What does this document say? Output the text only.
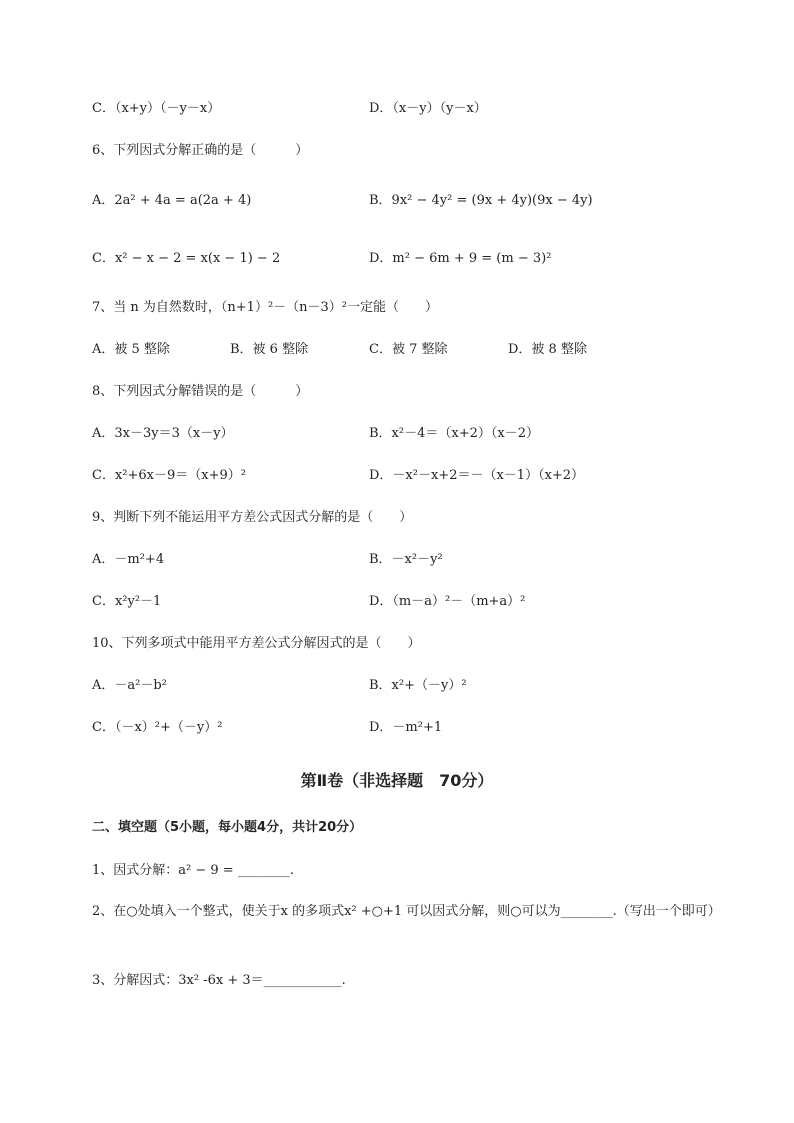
C．（x+y）（－y－x）	D．（x－y）（y－x）
6、下列因式分解正确的是（　　　）
A．2a² + 4a = a(2a + 4)	B．9x² − 4y² = (9x + 4y)(9x − 4y)
C．x² − x − 2 = x(x − 1) − 2	D．m² − 6m + 9 = (m − 3)²
7、当 n 为自然数时，（n+1）²－（n－3）²一定能（　　）
A．被 5 整除	B．被 6 整除	C．被 7 整除	D．被 8 整除
8、下列因式分解错误的是（　　　）
A．3x－3y＝3（x－y）	B．x²－4＝（x+2）（x－2）
C．x²+6x－9＝（x+9）²	D．－x²－x+2＝－（x－1）（x+2）
9、判断下列不能运用平方差公式因式分解的是（　　）
A．－m²+4	B．－x²－y²
C．x²y²－1	D．（m－a）²－（m+a）²
10、下列多项式中能用平方差公式分解因式的是（　　）
A．－a²－b²	B．x²+（－y）²
C．（－x）²+（－y）²	D．－m²+1
第Ⅱ卷（非选择题　70分）
二、填空题（5小题，每小题4分，共计20分）
1、因式分解：a² − 9 = ________.
2、在○处填入一个整式，使关于x 的多项式x² +○+1 可以因式分解，则○可以为________.（写出一个即可）
3、分解因式：3x² -6x + 3＝____________.
